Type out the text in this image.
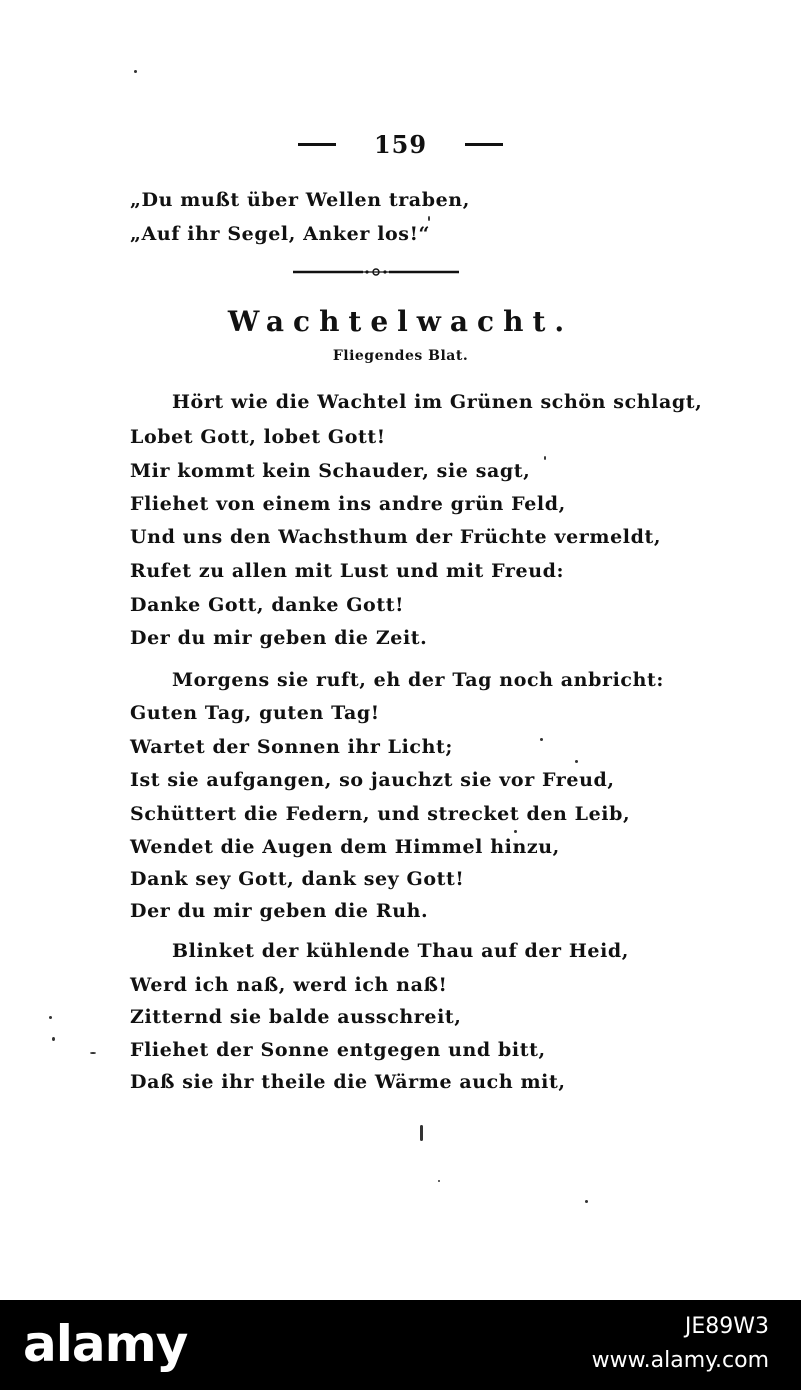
159
„Du mußt über Wellen traben,
„Auf ihr Segel, Anker los!“
Wachtelwacht.
Fliegendes Blat.
Hört wie die Wachtel im Grünen schön schlagt,
Lobet Gott, lobet Gott!
Mir kommt kein Schauder, sie sagt,
Fliehet von einem ins andre grün Feld,
Und uns den Wachsthum der Früchte vermeldt,
Rufet zu allen mit Lust und mit Freud:
Danke Gott, danke Gott!
Der du mir geben die Zeit.
Morgens sie ruft, eh der Tag noch anbricht:
Guten Tag, guten Tag!
Wartet der Sonnen ihr Licht;
Ist sie aufgangen, so jauchzt sie vor Freud,
Schüttert die Federn, und strecket den Leib,
Wendet die Augen dem Himmel hinzu,
Dank sey Gott, dank sey Gott!
Der du mir geben die Ruh.
Blinket der kühlende Thau auf der Heid,
Werd ich naß, werd ich naß!
Zitternd sie balde ausschreit,
Fliehet der Sonne entgegen und bitt,
Daß sie ihr theile die Wärme auch mit,
alamy	JE89W3
www.alamy.com
